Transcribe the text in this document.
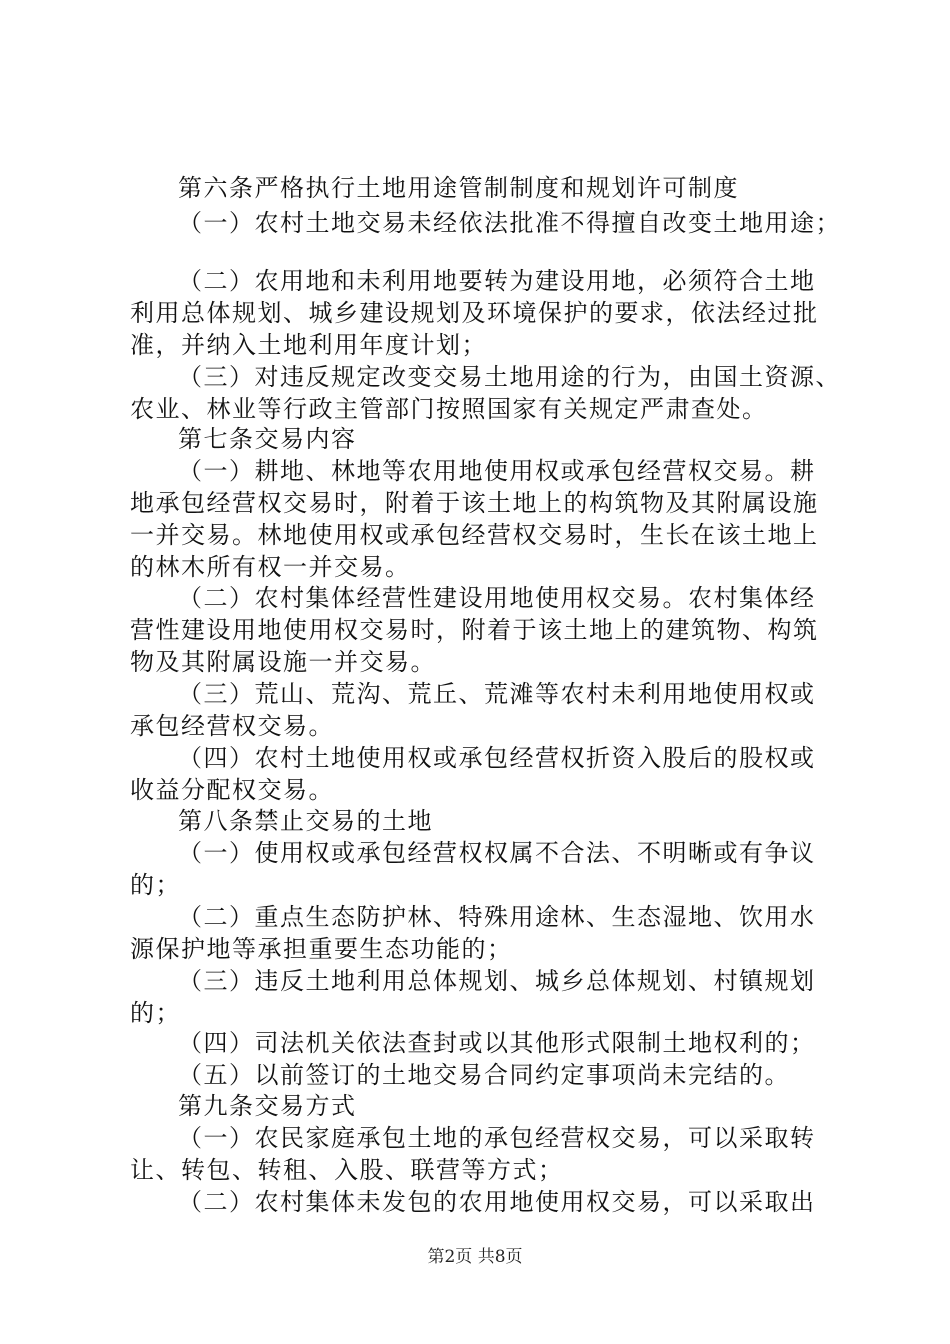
第六条严格执行土地用途管制制度和规划许可制度
（一）农村土地交易未经依法批准不得擅自改变土地用途；
（二）农用地和未利用地要转为建设用地，必须符合土地
利用总体规划、城乡建设规划及环境保护的要求，依法经过批
准，并纳入土地利用年度计划；
（三）对违反规定改变交易土地用途的行为，由国土资源、
农业、林业等行政主管部门按照国家有关规定严肃查处。
第七条交易内容
（一）耕地、林地等农用地使用权或承包经营权交易。耕
地承包经营权交易时，附着于该土地上的构筑物及其附属设施
一并交易。林地使用权或承包经营权交易时，生长在该土地上
的林木所有权一并交易。
（二）农村集体经营性建设用地使用权交易。农村集体经
营性建设用地使用权交易时，附着于该土地上的建筑物、构筑
物及其附属设施一并交易。
（三）荒山、荒沟、荒丘、荒滩等农村未利用地使用权或
承包经营权交易。
（四）农村土地使用权或承包经营权折资入股后的股权或
收益分配权交易。
第八条禁止交易的土地
（一）使用权或承包经营权权属不合法、不明晰或有争议
的；
（二）重点生态防护林、特殊用途林、生态湿地、饮用水
源保护地等承担重要生态功能的；
（三）违反土地利用总体规划、城乡总体规划、村镇规划
的；
（四）司法机关依法查封或以其他形式限制土地权利的；
（五）以前签订的土地交易合同约定事项尚未完结的。
第九条交易方式
（一）农民家庭承包土地的承包经营权交易，可以采取转
让、转包、转租、入股、联营等方式；
（二）农村集体未发包的农用地使用权交易，可以采取出
第2页 共8页
